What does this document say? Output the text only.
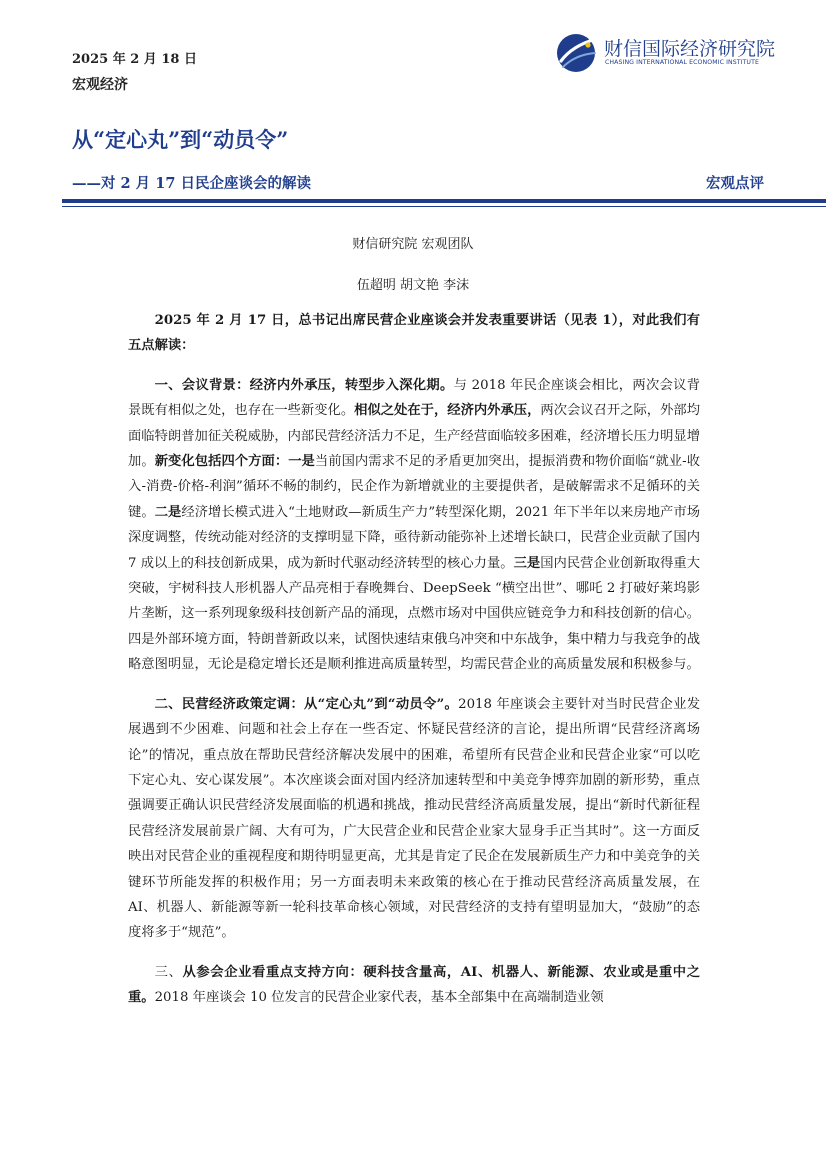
2025 年 2 月 18 日
宏观经济
财信国际经济研究院
CHASING INTERNATIONAL ECONOMIC INSTITUTE
从“定心丸”到“动员令”
——对 2 月 17 日民企座谈会的解读	宏观点评
财信研究院 宏观团队
伍超明 胡文艳 李沫

2025 年 2 月 17 日，总书记出席民营企业座谈会并发表重要讲话（见表 1），对此我们有五点解读：

一、会议背景：经济内外承压，转型步入深化期。与 2018 年民企座谈会相比，两次会议背景既有相似之处，也存在一些新变化。相似之处在于，经济内外承压，两次会议召开之际，外部均面临特朗普加征关税威胁，内部民营经济活力不足，生产经营面临较多困难，经济增长压力明显增加。新变化包括四个方面：一是当前国内需求不足的矛盾更加突出，提振消费和物价面临“就业-收入-消费-价格-利润”循环不畅的制约，民企作为新增就业的主要提供者，是破解需求不足循环的关键。二是经济增长模式进入“土地财政—新质生产力”转型深化期，2021 年下半年以来房地产市场深度调整，传统动能对经济的支撑明显下降，亟待新动能弥补上述增长缺口，民营企业贡献了国内 7 成以上的科技创新成果，成为新时代驱动经济转型的核心力量。三是国内民营企业创新取得重大突破，宇树科技人形机器人产品亮相于春晚舞台、DeepSeek “横空出世”、哪吒 2 打破好莱坞影片垄断，这一系列现象级科技创新产品的涌现，点燃市场对中国供应链竞争力和科技创新的信心。四是外部环境方面，特朗普新政以来，试图快速结束俄乌冲突和中东战争，集中精力与我竞争的战略意图明显，无论是稳定增长还是顺利推进高质量转型，均需民营企业的高质量发展和积极参与。

二、民营经济政策定调：从“定心丸”到“动员令”。2018 年座谈会主要针对当时民营企业发展遇到不少困难、问题和社会上存在一些否定、怀疑民营经济的言论，提出所谓“民营经济离场论”的情况，重点放在帮助民营经济解决发展中的困难，希望所有民营企业和民营企业家“可以吃下定心丸、安心谋发展”。本次座谈会面对国内经济加速转型和中美竞争博弈加剧的新形势，重点强调要正确认识民营经济发展面临的机遇和挑战，推动民营经济高质量发展，提出“新时代新征程民营经济发展前景广阔、大有可为，广大民营企业和民营企业家大显身手正当其时”。这一方面反映出对民营企业的重视程度和期待明显更高，尤其是肯定了民企在发展新质生产力和中美竞争的关键环节所能发挥的积极作用；另一方面表明未来政策的核心在于推动民营经济高质量发展，在 AI、机器人、新能源等新一轮科技革命核心领域，对民营经济的支持有望明显加大，“鼓励”的态度将多于“规范”。

三、从参会企业看重点支持方向：硬科技含量高，AI、机器人、新能源、农业或是重中之重。2018 年座谈会 10 位发言的民营企业家代表，基本全部集中在高端制造业领
